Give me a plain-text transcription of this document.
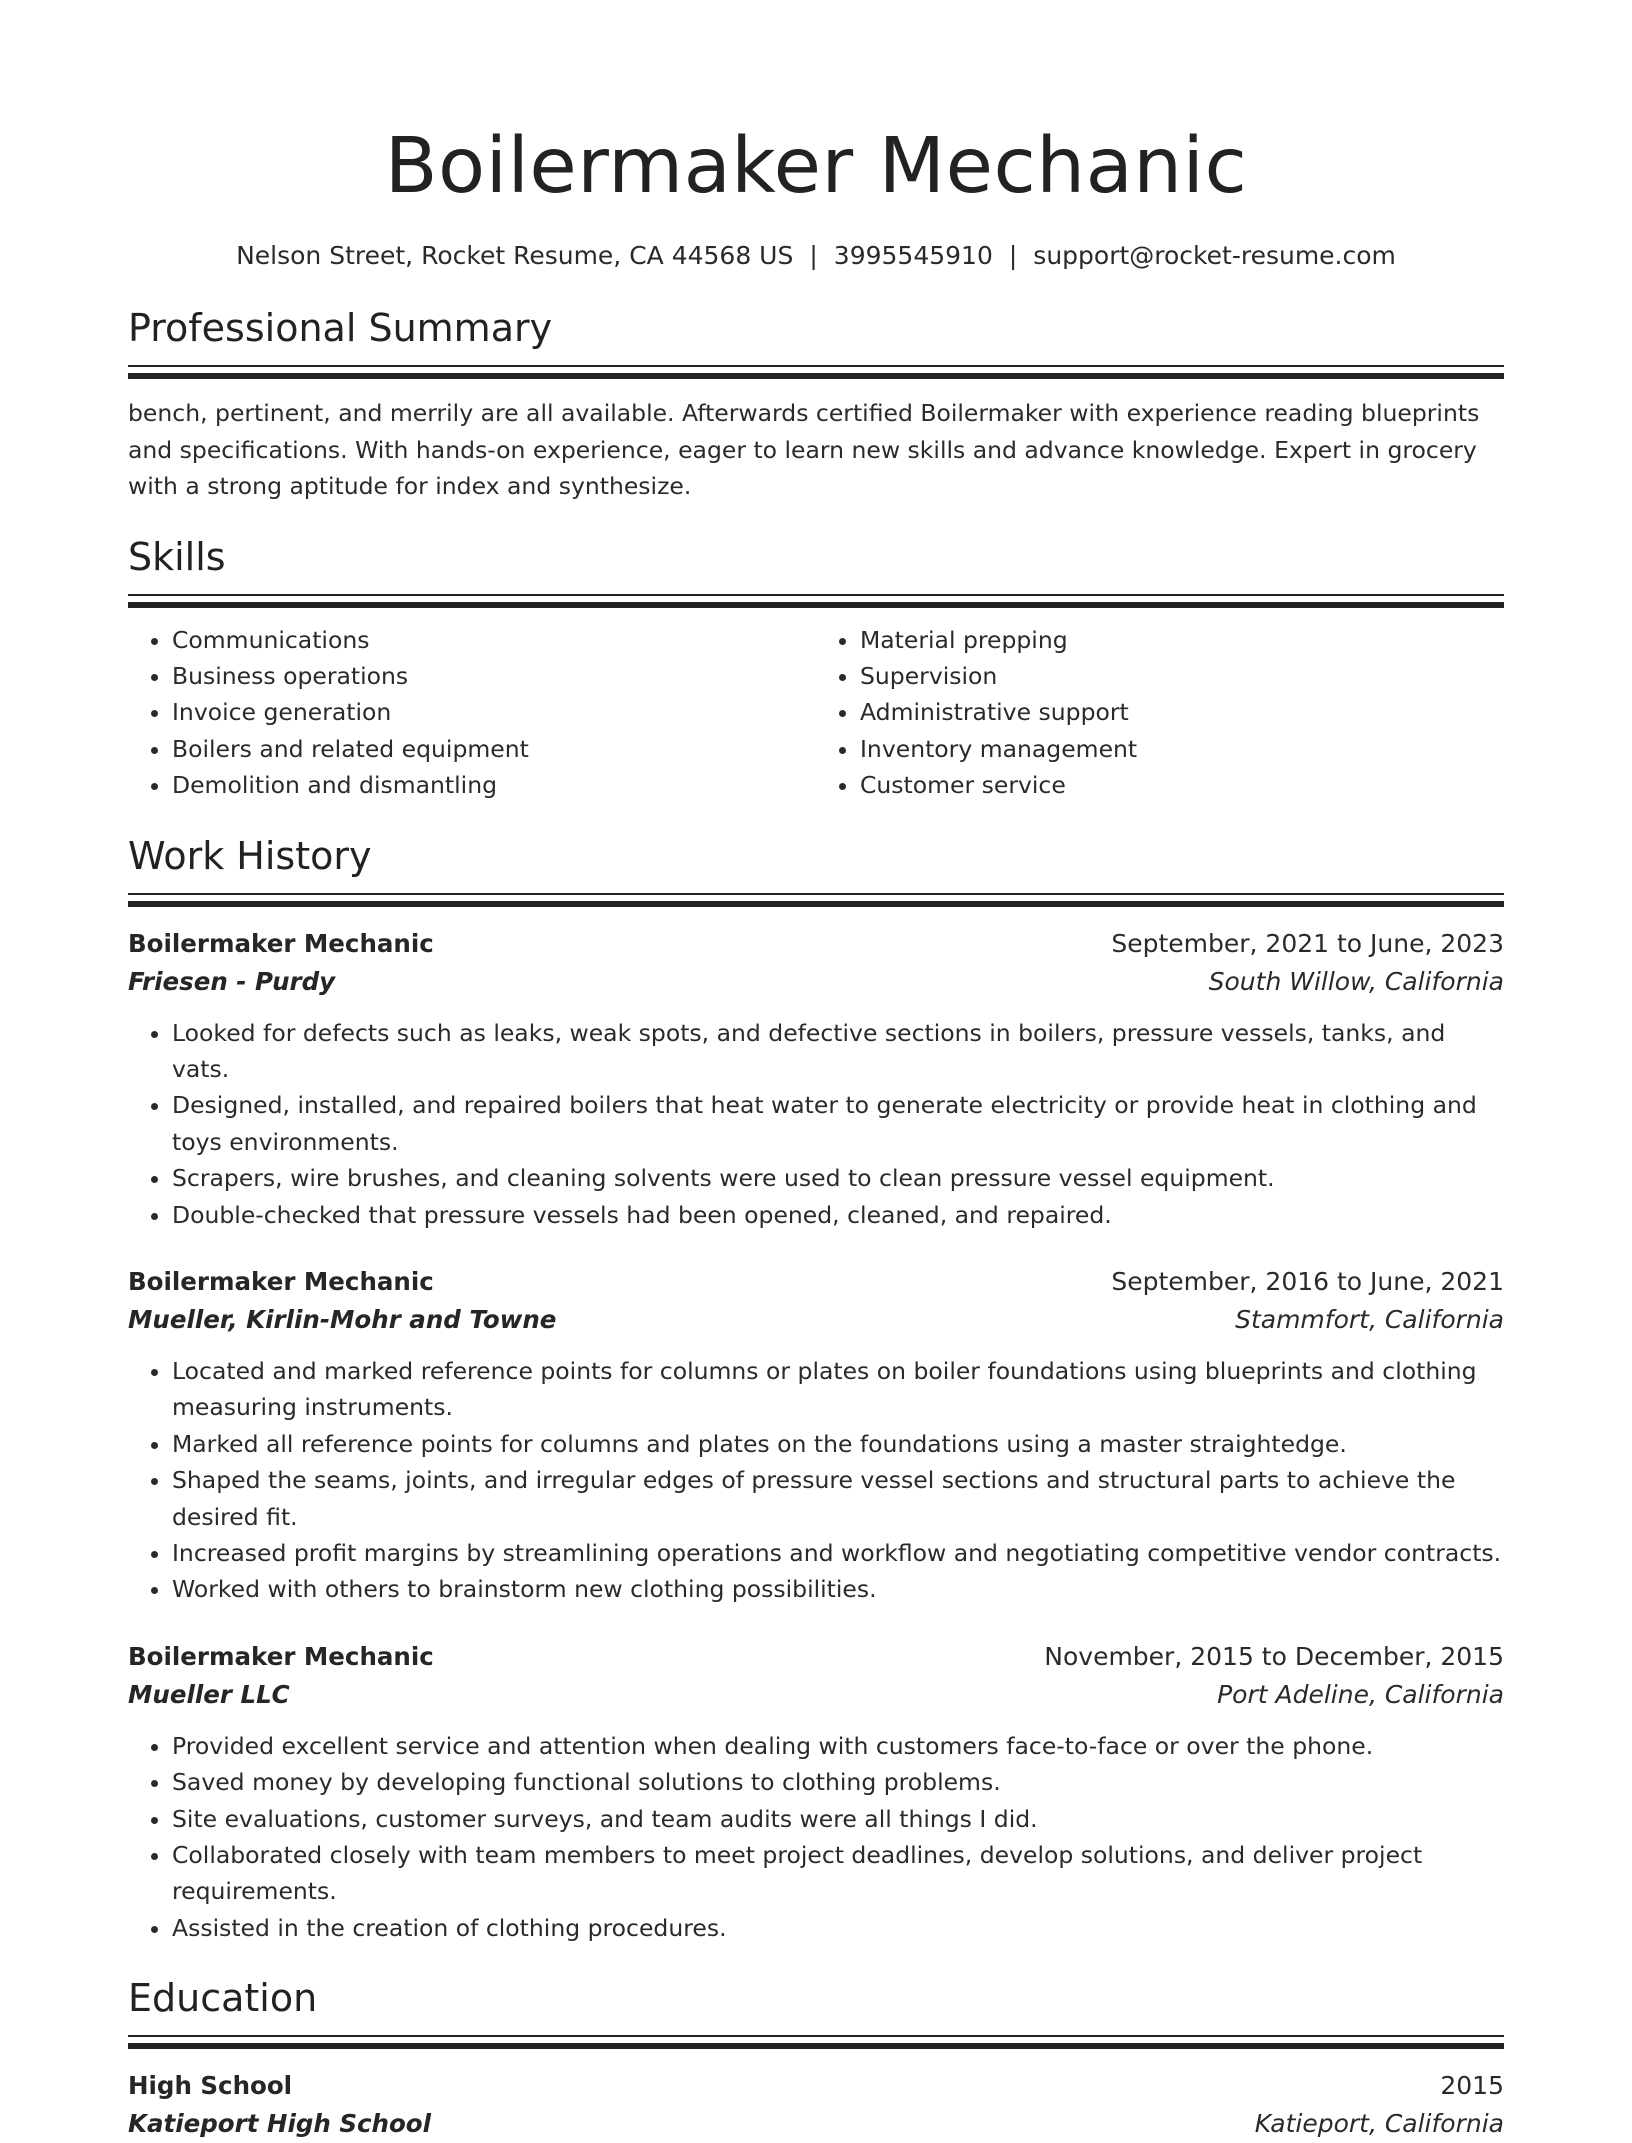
Boilermaker Mechanic
Nelson Street, Rocket Resume, CA 44568 US | 3995545910 | support@rocket-resume.com
Professional Summary

bench, pertinent, and merrily are all available. Afterwards certified Boilermaker with experience reading blueprints and specifications. With hands-on experience, eager to learn new skills and advance knowledge. Expert in grocery with a strong aptitude for index and synthesize.

Skills
• Communications
• Business operations
• Invoice generation
• Boilers and related equipment
• Demolition and dismantling
• Material prepping
• Supervision
• Administrative support
• Inventory management
• Customer service
Work History
Boilermaker Mechanic	September, 2021 to June, 2023
Friesen - Purdy	South Willow, California
• Looked for defects such as leaks, weak spots, and defective sections in boilers, pressure vessels, tanks, and vats.
• Designed, installed, and repaired boilers that heat water to generate electricity or provide heat in clothing and toys environments.
• Scrapers, wire brushes, and cleaning solvents were used to clean pressure vessel equipment.
• Double-checked that pressure vessels had been opened, cleaned, and repaired.
Boilermaker Mechanic	September, 2016 to June, 2021
Mueller, Kirlin-Mohr and Towne	Stammfort, California
• Located and marked reference points for columns or plates on boiler foundations using blueprints and clothing measuring instruments.
• Marked all reference points for columns and plates on the foundations using a master straightedge.
• Shaped the seams, joints, and irregular edges of pressure vessel sections and structural parts to achieve the desired fit.
• Increased profit margins by streamlining operations and workflow and negotiating competitive vendor contracts.
• Worked with others to brainstorm new clothing possibilities.
Boilermaker Mechanic	November, 2015 to December, 2015
Mueller LLC	Port Adeline, California
• Provided excellent service and attention when dealing with customers face-to-face or over the phone.
• Saved money by developing functional solutions to clothing problems.
• Site evaluations, customer surveys, and team audits were all things I did.
• Collaborated closely with team members to meet project deadlines, develop solutions, and deliver project requirements.
• Assisted in the creation of clothing procedures.
Education
High School	2015
Katieport High School	Katieport, California
